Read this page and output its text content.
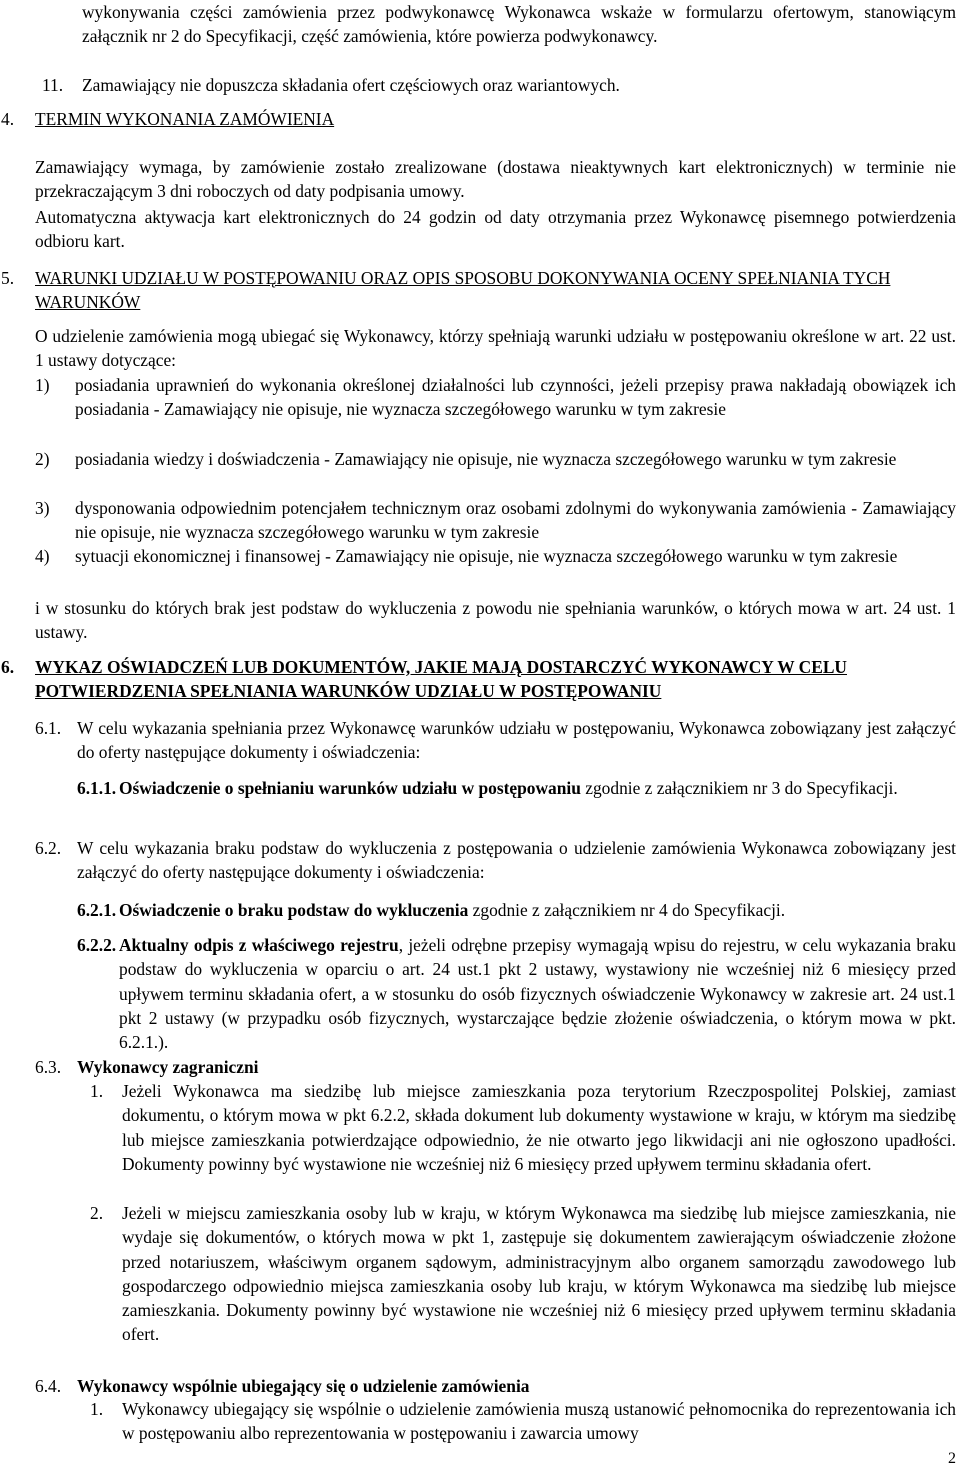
wykonywania części zamówienia przez podwykonawcę Wykonawca wskaże w formularzu ofertowym, stanowiącym załącznik nr 2 do Specyfikacji, część zamówienia, które powierza podwykonawcy.
11. Zamawiający nie dopuszcza składania ofert częściowych oraz wariantowych.
4. TERMIN WYKONANIA ZAMÓWIENIA
Zamawiający wymaga, by zamówienie zostało zrealizowane (dostawa nieaktywnych kart elektronicznych) w terminie nie przekraczającym 3 dni roboczych od daty podpisania umowy.
Automatyczna aktywacja kart elektronicznych do 24 godzin od daty otrzymania przez Wykonawcę pisemnego potwierdzenia odbioru kart.
5. WARUNKI UDZIAŁU W POSTĘPOWANIU ORAZ OPIS SPOSOBU DOKONYWANIA OCENY SPEŁNIANIA TYCH WARUNKÓW
O udzielenie zamówienia mogą ubiegać się Wykonawcy, którzy spełniają warunki udziału w postępowaniu określone w art. 22 ust. 1 ustawy dotyczące:
1) posiadania uprawnień do wykonania określonej działalności lub czynności, jeżeli przepisy prawa nakładają obowiązek ich posiadania - Zamawiający nie opisuje, nie wyznacza szczegółowego warunku w tym zakresie
2) posiadania wiedzy i doświadczenia - Zamawiający nie opisuje, nie wyznacza szczegółowego warunku w tym zakresie
3) dysponowania odpowiednim potencjałem technicznym oraz osobami zdolnymi do wykonywania zamówienia - Zamawiający nie opisuje, nie wyznacza szczegółowego warunku w tym zakresie
4) sytuacji ekonomicznej i finansowej - Zamawiający nie opisuje, nie wyznacza szczegółowego warunku w tym zakresie
i w stosunku do których brak jest podstaw do wykluczenia z powodu nie spełniania warunków, o których mowa w art. 24 ust. 1 ustawy.
6. WYKAZ OŚWIADCZEŃ LUB DOKUMENTÓW, JAKIE MAJĄ DOSTARCZYĆ WYKONAWCY W CELU POTWIERDZENIA SPEŁNIANIA WARUNKÓW UDZIAŁU W POSTĘPOWANIU
6.1. W celu wykazania spełniania przez Wykonawcę warunków udziału w postępowaniu, Wykonawca zobowiązany jest załączyć do oferty następujące dokumenty i oświadczenia:
6.1.1. Oświadczenie o spełnianiu warunków udziału w postępowaniu zgodnie z załącznikiem nr 3 do Specyfikacji.
6.2. W celu wykazania braku podstaw do wykluczenia z postępowania o udzielenie zamówienia Wykonawca zobowiązany jest załączyć do oferty następujące dokumenty i oświadczenia:
6.2.1. Oświadczenie o braku podstaw do wykluczenia zgodnie z załącznikiem nr 4 do Specyfikacji.
6.2.2. Aktualny odpis z właściwego rejestru, jeżeli odrębne przepisy wymagają wpisu do rejestru, w celu wykazania braku podstaw do wykluczenia w oparciu o art. 24 ust.1 pkt 2 ustawy, wystawiony nie wcześniej niż 6 miesięcy przed upływem terminu składania ofert, a w stosunku do osób fizycznych oświadczenie Wykonawcy w zakresie art. 24 ust.1 pkt 2 ustawy (w przypadku osób fizycznych, wystarczające będzie złożenie oświadczenia, o którym mowa w pkt. 6.2.1.).
6.3. Wykonawcy zagraniczni
1. Jeżeli Wykonawca ma siedzibę lub miejsce zamieszkania poza terytorium Rzeczpospolitej Polskiej, zamiast dokumentu, o którym mowa w pkt 6.2.2, składa dokument lub dokumenty wystawione w kraju, w którym ma siedzibę lub miejsce zamieszkania potwierdzające odpowiednio, że nie otwarto jego likwidacji ani nie ogłoszono upadłości. Dokumenty powinny być wystawione nie wcześniej niż 6 miesięcy przed upływem terminu składania ofert.
2. Jeżeli w miejscu zamieszkania osoby lub w kraju, w którym Wykonawca ma siedzibę lub miejsce zamieszkania, nie wydaje się dokumentów, o których mowa w pkt 1, zastępuje się dokumentem zawierającym oświadczenie złożone przed notariuszem, właściwym organem sądowym, administracyjnym albo organem samorządu zawodowego lub gospodarczego odpowiednio miejsca zamieszkania osoby lub kraju, w którym Wykonawca ma siedzibę lub miejsce zamieszkania. Dokumenty powinny być wystawione nie wcześniej niż 6 miesięcy przed upływem terminu składania ofert.
6.4. Wykonawcy wspólnie ubiegający się o udzielenie zamówienia
1. Wykonawcy ubiegający się wspólnie o udzielenie zamówienia muszą ustanowić pełnomocnika do reprezentowania ich w postępowaniu albo reprezentowania w postępowaniu i zawarcia umowy
2
